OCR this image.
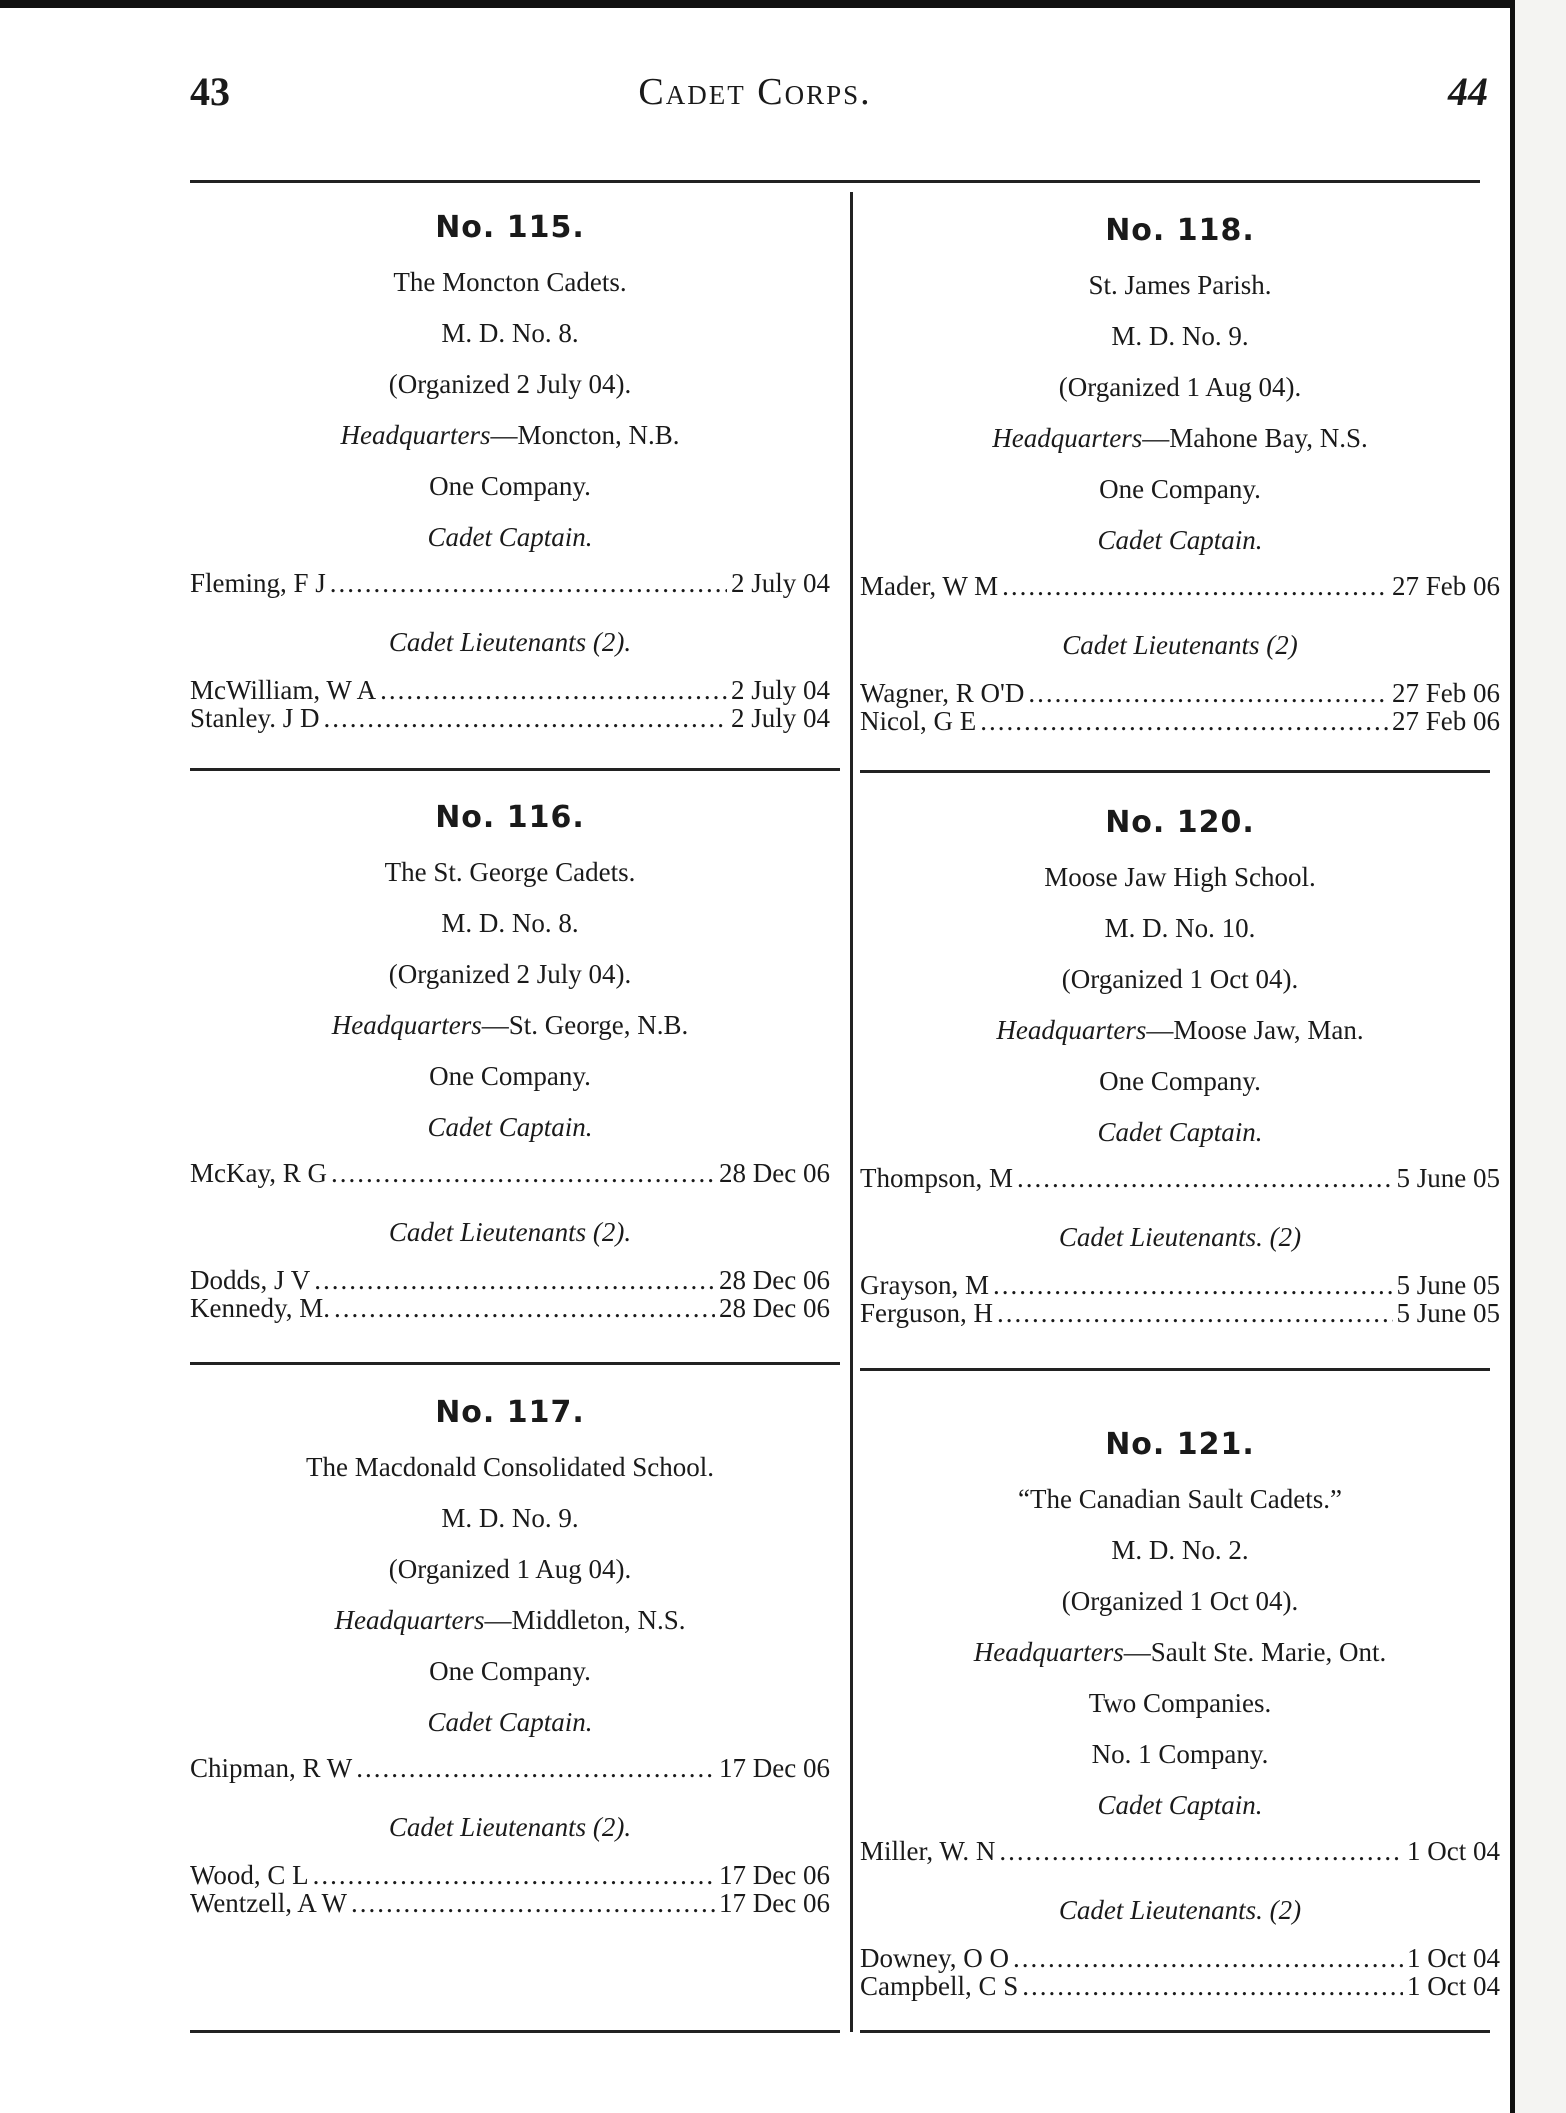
43	Cadet Corps.	44
No. 115.
The Moncton Cadets.
M. D. No. 8.
(Organized 2 July 04).
Headquarters—Moncton, N.B.
One Company.
Cadet Captain.
Fleming, F J .....	2 July 04
Cadet Lieutenants (2).
McWilliam, W A .....	2 July 04
Stanley. J D .....	2 July 04
No. 116.
The St. George Cadets.
M. D. No. 8.
(Organized 2 July 04).
Headquarters—St. George, N.B.
One Company.
Cadet Captain.
McKay, R G .....	28 Dec 06
Cadet Lieutenants (2).
Dodds, J V .....	28 Dec 06
Kennedy, M. .....	28 Dec 06
No. 117.
The Macdonald Consolidated School.
M. D. No. 9.
(Organized 1 Aug 04).
Headquarters—Middleton, N.S.
One Company.
Cadet Captain.
Chipman, R W .....	17 Dec 06
Cadet Lieutenants (2).
Wood, C L .....	17 Dec 06
Wentzell, A W .....	17 Dec 06
No. 118.
St. James Parish.
M. D. No. 9.
(Organized 1 Aug 04).
Headquarters—Mahone Bay, N.S.
One Company.
Cadet Captain.
Mader, W M .....	27 Feb 06
Cadet Lieutenants (2)
Wagner, R O'D .....	27 Feb 06
Nicol, G E .....	27 Feb 06
No. 120.
Moose Jaw High School.
M. D. No. 10.
(Organized 1 Oct 04).
Headquarters—Moose Jaw, Man.
One Company.
Cadet Captain.
Thompson, M .....	5 June 05
Cadet Lieutenants. (2)
Grayson, M .....	5 June 05
Ferguson, H .....	5 June 05
No. 121.
“The Canadian Sault Cadets.”
M. D. No. 2.
(Organized 1 Oct 04).
Headquarters—Sault Ste. Marie, Ont.
Two Companies.
No. 1 Company.
Cadet Captain.
Miller, W. N .....	1 Oct 04
Cadet Lieutenants. (2)
Downey, O O .....	1 Oct 04
Campbell, C S .....	1 Oct 04
